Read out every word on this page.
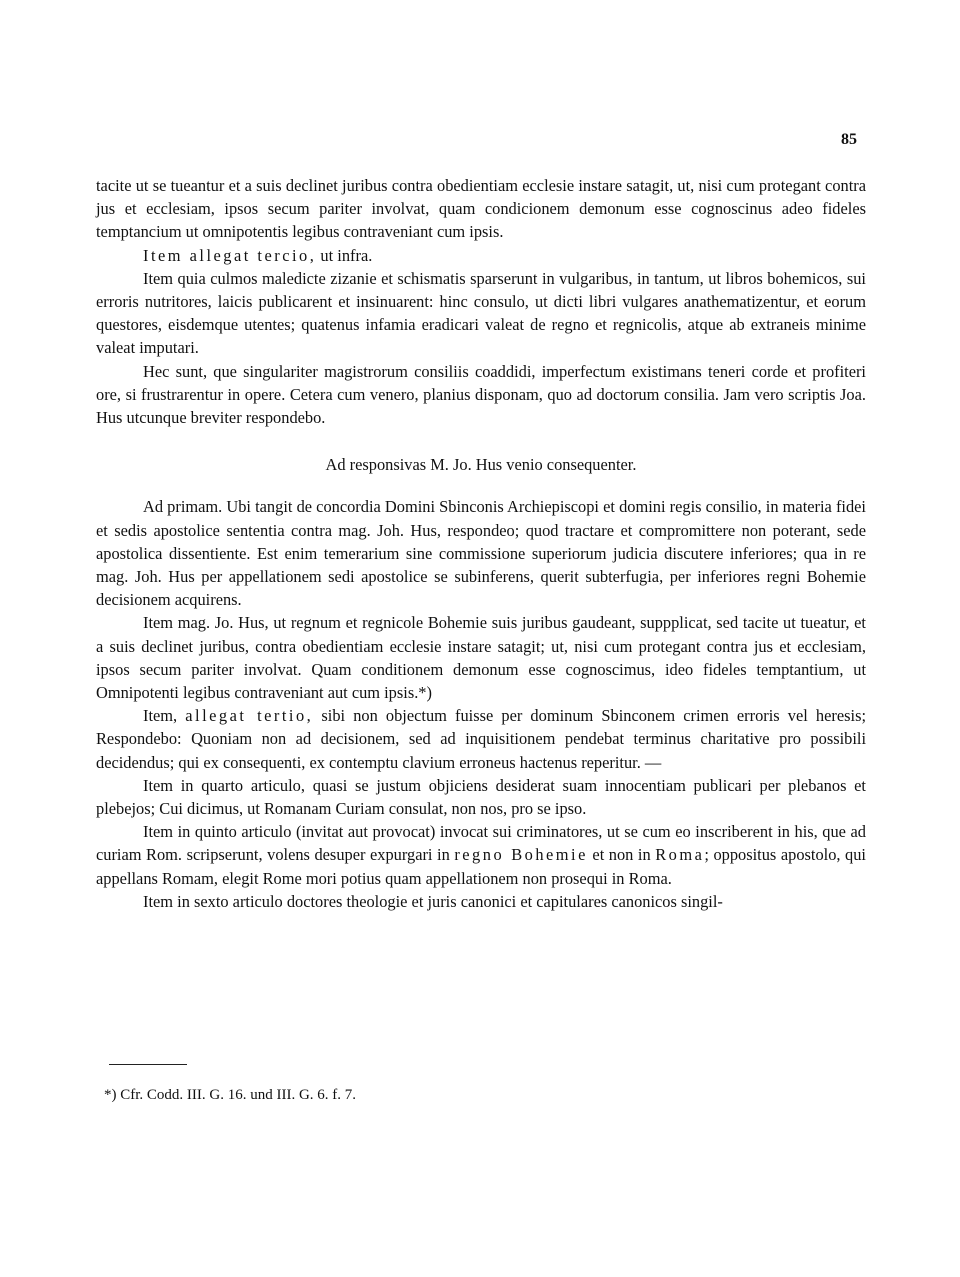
85

tacite ut se tueantur et a suis declinet juribus contra obedientiam ecclesie instare satagit, ut, nisi cum protegant contra jus et ecclesiam, ipsos secum pariter involvat, quam condicionem demonum esse cognoscinus adeo fideles temptancium ut omnipotentis legibus contraveniant cum ipsis.

Item allegat tercio, ut infra.

Item quia culmos maledicte zizanie et schismatis sparserunt in vulgaribus, in tantum, ut libros bohemicos, sui erroris nutritores, laicis publicarent et insinuarent: hinc consulo, ut dicti libri vulgares anathematizentur, et eorum questores, eisdemque utentes; quatenus infamia eradicari valeat de regno et regnicolis, atque ab extraneis minime valeat imputari.

Hec sunt, que singulariter magistrorum consiliis coaddidi, imperfectum existimans teneri corde et profiteri ore, si frustrarentur in opere. Cetera cum venero, planius disponam, quo ad doctorum consilia. Jam vero scriptis Joa. Hus utcunque breviter respondebo.

Ad responsivas M. Jo. Hus venio consequenter.

Ad primam. Ubi tangit de concordia Domini Sbinconis Archiepiscopi et domini regis consilio, in materia fidei et sedis apostolice sententia contra mag. Joh. Hus, respondeo; quod tractare et compromittere non poterant, sede apostolica dissentiente. Est enim temerarium sine commissione superiorum judicia discutere inferiores; qua in re mag. Joh. Hus per appellationem sedi apostolice se subinferens, querit subterfugia, per inferiores regni Bohemie decisionem acquirens.

Item mag. Jo. Hus, ut regnum et regnicole Bohemie suis juribus gaudeant, suppplicat, sed tacite ut tueatur, et a suis declinet juribus, contra obedientiam ecclesie instare satagit; ut, nisi cum protegant contra jus et ecclesiam, ipsos secum pariter involvat. Quam conditionem demonum esse cognoscimus, ideo fideles temptantium, ut Omnipotenti legibus contraveniant aut cum ipsis.*)

Item, allegat tertio, sibi non objectum fuisse per dominum Sbinconem crimen erroris vel heresis; Respondebo: Quoniam non ad decisionem, sed ad inquisitionem pendebat terminus charitative pro possibili decidendus; qui ex consequenti, ex contemptu clavium erroneus hactenus reperitur. —

Item in quarto articulo, quasi se justum objiciens desiderat suam innocentiam publicari per plebanos et plebejos; Cui dicimus, ut Romanam Curiam consulat, non nos, pro se ipso.

Item in quinto articulo (invitat aut provocat) invocat sui criminatores, ut se cum eo inscriberent in his, que ad curiam Rom. scripserunt, volens desuper expurgari in regno Bohemie et non in Roma; oppositus apostolo, qui appellans Romam, elegit Rome mori potius quam appellationem non prosequi in Roma.

Item in sexto articulo doctores theologie et juris canonici et capitulares canonicos singil-

*) Cfr. Codd. III. G. 16. und III. G. 6. f. 7.
